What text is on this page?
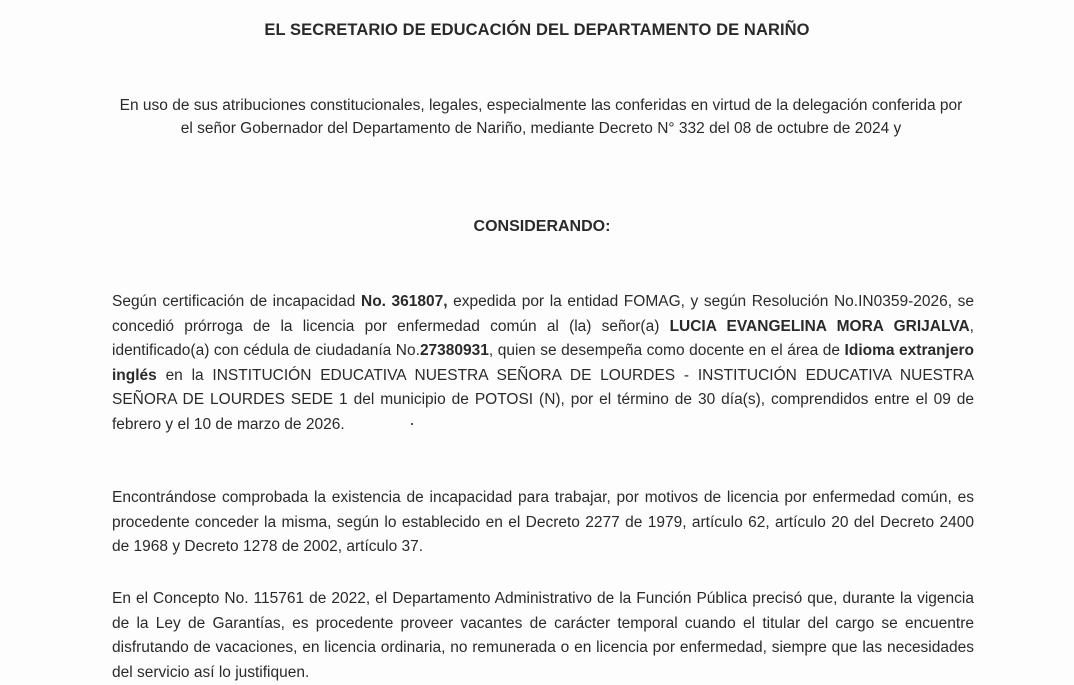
EL SECRETARIO DE EDUCACIÓN DEL DEPARTAMENTO DE NARIÑO
En uso de sus atribuciones constitucionales, legales, especialmente las conferidas en virtud de la delegación conferida por el señor Gobernador del Departamento de Nariño, mediante Decreto N° 332 del 08 de octubre de 2024 y
CONSIDERANDO:
Según certificación de incapacidad No. 361807, expedida por la entidad FOMAG, y según Resolución No.IN0359-2026, se concedió prórroga de la licencia por enfermedad común al (la) señor(a) LUCIA EVANGELINA MORA GRIJALVA, identificado(a) con cédula de ciudadanía No.27380931, quien se desempeña como docente en el área de Idioma extranjero inglés en la INSTITUCIÓN EDUCATIVA NUESTRA SEÑORA DE LOURDES - INSTITUCIÓN EDUCATIVA NUESTRA SEÑORA DE LOURDES SEDE 1 del municipio de POTOSI (N), por el término de 30 día(s), comprendidos entre el 09 de febrero y el 10 de marzo de 2026.
Encontrándose comprobada la existencia de incapacidad para trabajar, por motivos de licencia por enfermedad común, es procedente conceder la misma, según lo establecido en el Decreto 2277 de 1979, artículo 62, artículo 20 del Decreto 2400 de 1968 y Decreto 1278 de 2002, artículo 37.
En el Concepto No. 115761 de 2022, el Departamento Administrativo de la Función Pública precisó que, durante la vigencia de la Ley de Garantías, es procedente proveer vacantes de carácter temporal cuando el titular del cargo se encuentre disfrutando de vacaciones, en licencia ordinaria, no remunerada o en licencia por enfermedad, siempre que las necesidades del servicio así lo justifiquen.
